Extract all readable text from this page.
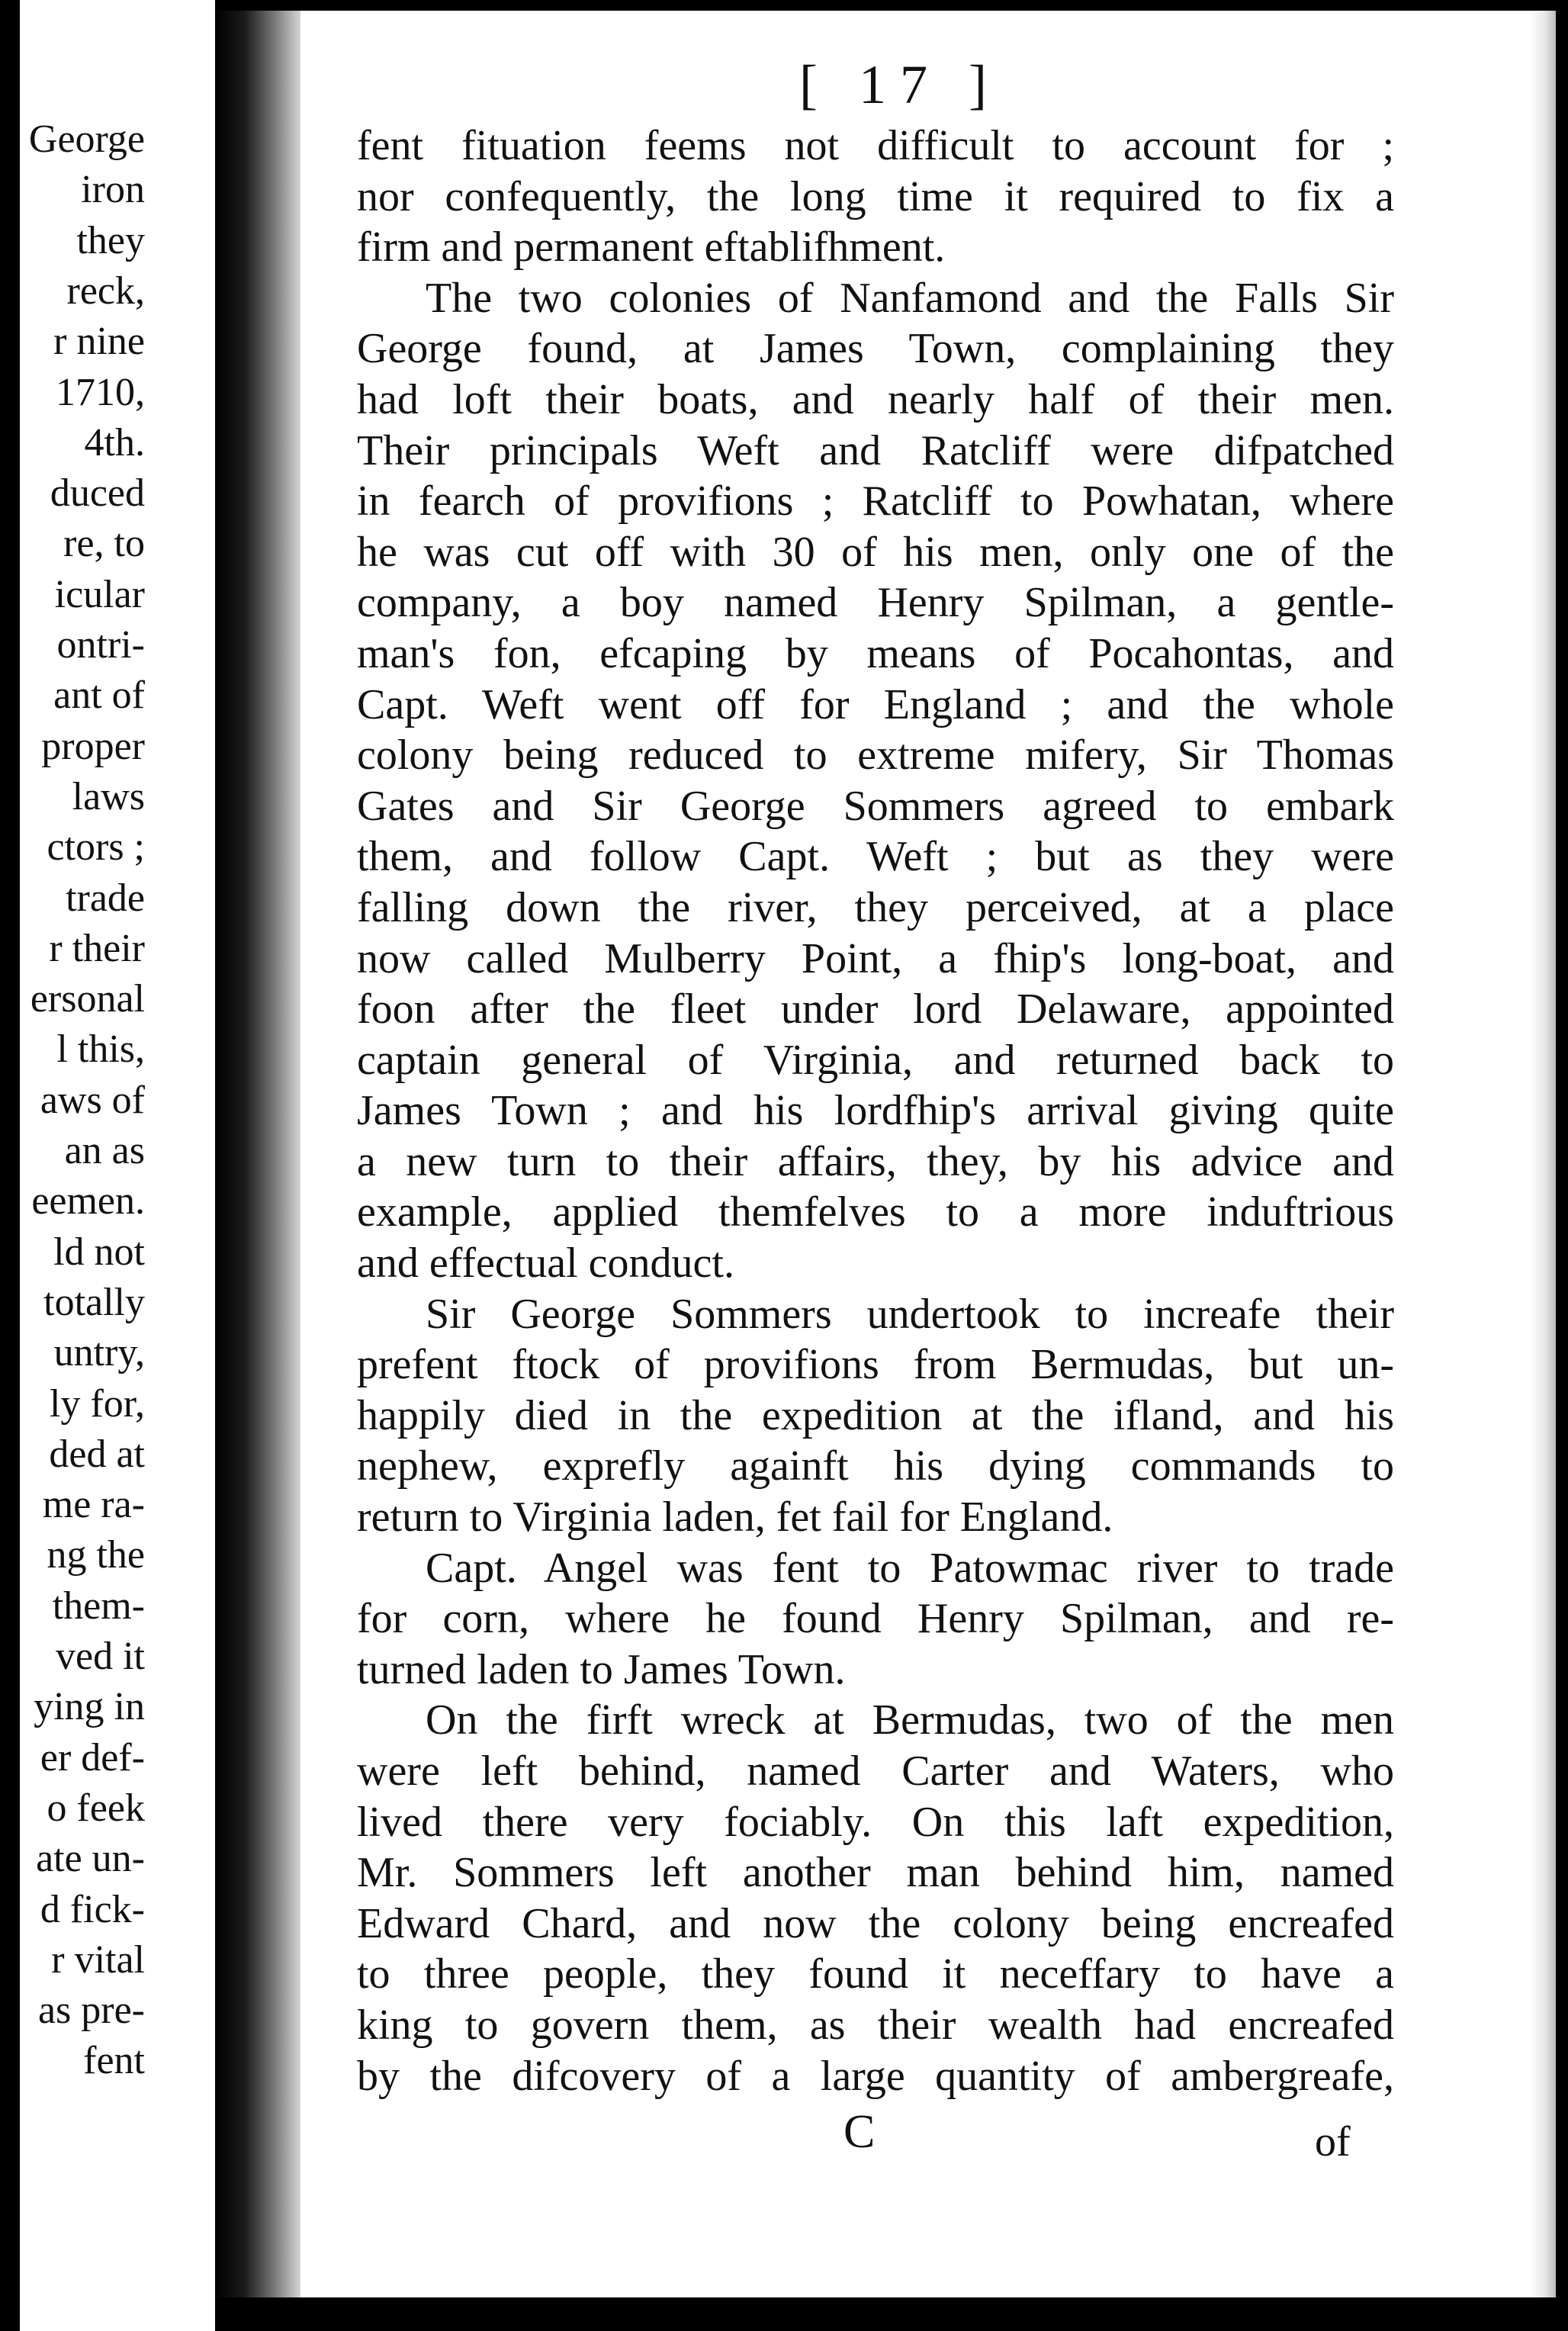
George
iron
they
reck,
r nine
1710,
4th.
duced
re, to
icular
ontri-
ant of
proper
laws
ctors ;
trade
r their
ersonal
l this,
aws of
an as
eemen.
ld not
totally
untry,
ly for,
ded at
me ra-
ng the
them-
ved it
ying in
er def-
o feek
ate un-
d fick-
r vital
as pre-
fent
[ 17 ]
fent fituation feems not difficult to account for ;
nor confequently, the long time it required to fix a
firm and permanent eftablifhment.
The two colonies of Nanfamond and the Falls Sir
George found, at James Town, complaining they
had loft their boats, and nearly half of their men.
Their principals Weft and Ratcliff were difpatched
in fearch of provifions ; Ratcliff to Powhatan, where
he was cut off with 30 of his men, only one of the
company, a boy named Henry Spilman, a gentle-
man's fon, efcaping by means of Pocahontas, and
Capt. Weft went off for England ; and the whole
colony being reduced to extreme mifery, Sir Thomas
Gates and Sir George Sommers agreed to embark
them, and follow Capt. Weft ; but as they were
falling down the river, they perceived, at a place
now called Mulberry Point, a fhip's long-boat, and
foon after the fleet under lord Delaware, appointed
captain general of Virginia, and returned back to
James Town ; and his lordfhip's arrival giving quite
a new turn to their affairs, they, by his advice and
example, applied themfelves to a more induftrious
and effectual conduct.
Sir George Sommers undertook to increafe their
prefent ftock of provifions from Bermudas, but un-
happily died in the expedition at the ifland, and his
nephew, exprefly againft his dying commands to
return to Virginia laden, fet fail for England.
Capt. Angel was fent to Patowmac river to trade
for corn, where he found Henry Spilman, and re-
turned laden to James Town.
On the firft wreck at Bermudas, two of the men
were left behind, named Carter and Waters, who
lived there very fociably. On this laft expedition,
Mr. Sommers left another man behind him, named
Edward Chard, and now the colony being encreafed
to three people, they found it neceffary to have a
king to govern them, as their wealth had encreafed
by the difcovery of a large quantity of ambergreafe,
C	of
